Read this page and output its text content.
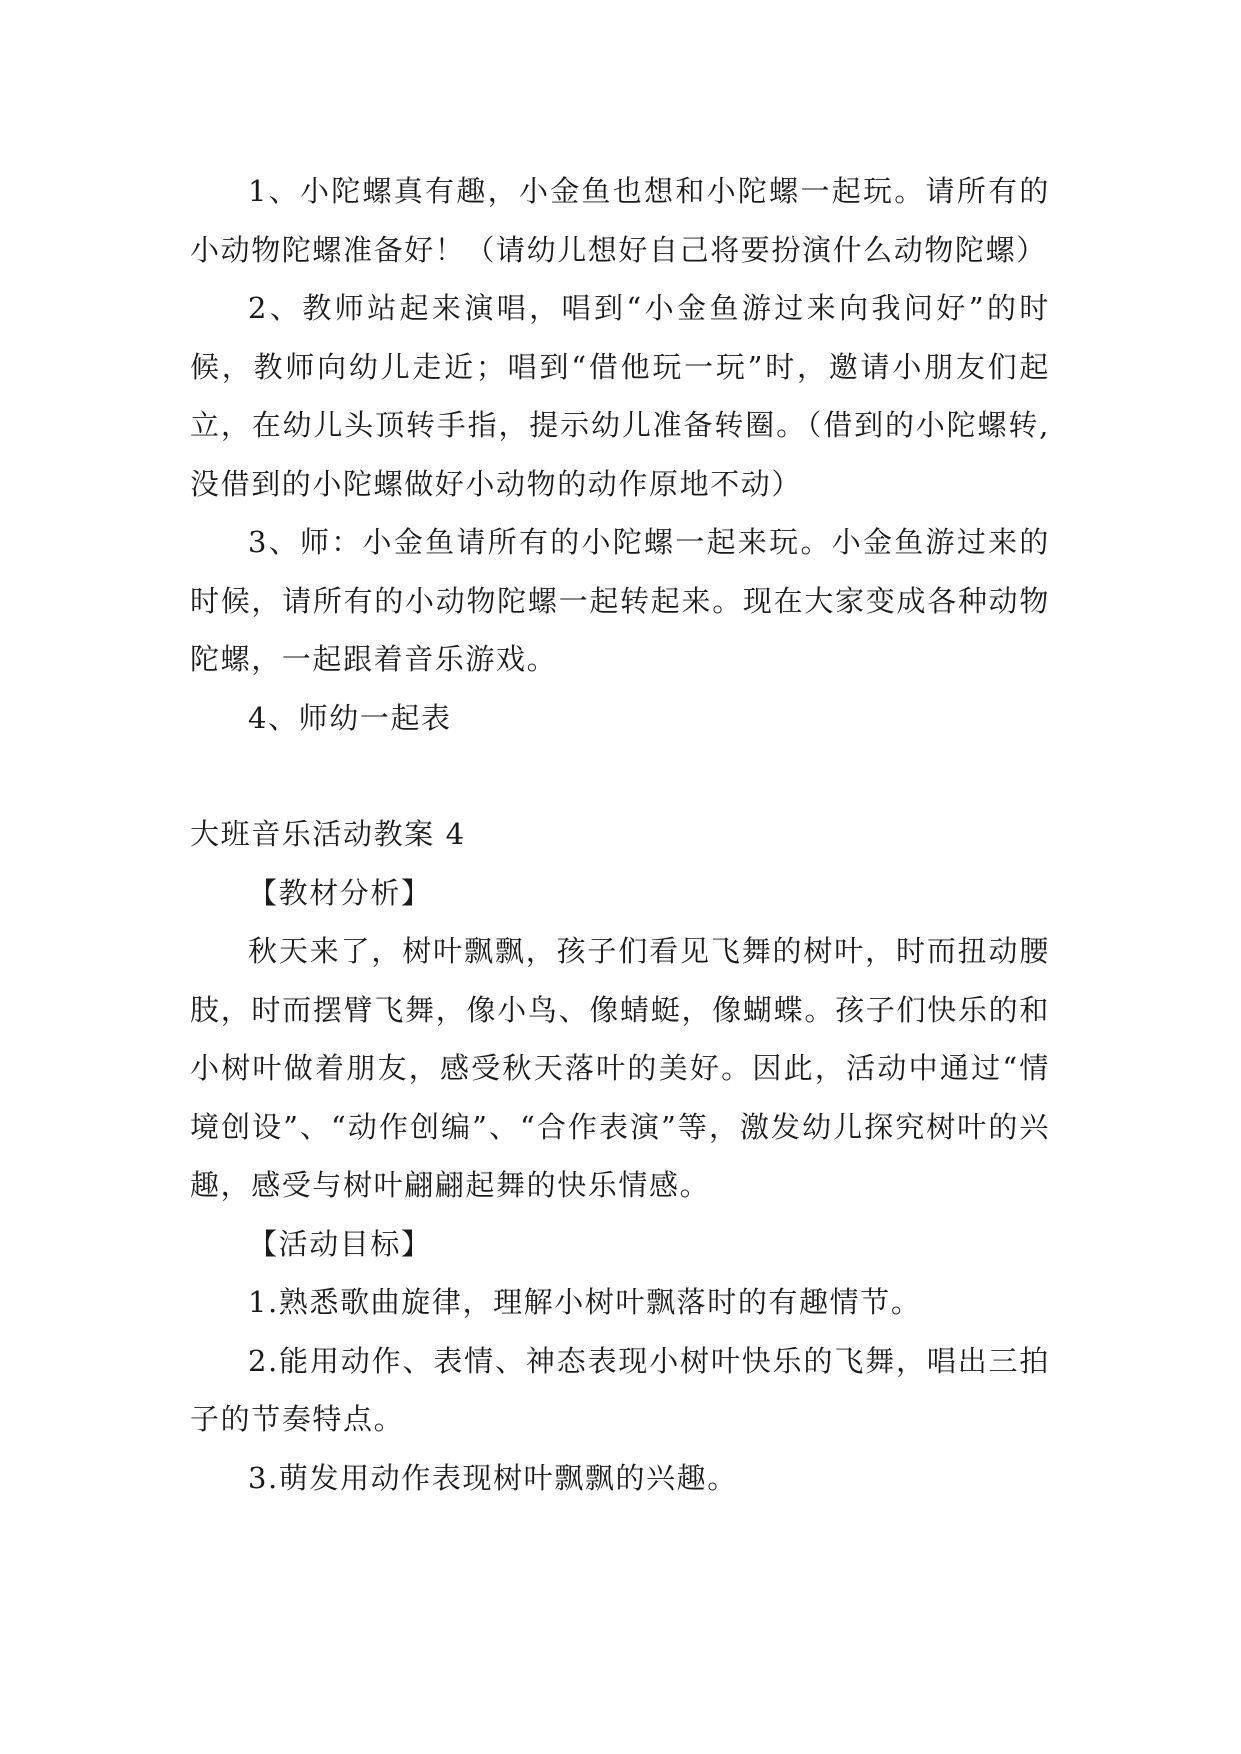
1、小陀螺真有趣，小金鱼也想和小陀螺一起玩。请所有的小动物陀螺准备好！（请幼儿想好自己将要扮演什么动物陀螺）

2、教师站起来演唱，唱到“小金鱼游过来向我问好”的时候，教师向幼儿走近；唱到“借他玩一玩”时，邀请小朋友们起立，在幼儿头顶转手指，提示幼儿准备转圈。（借到的小陀螺转,没借到的小陀螺做好小动物的动作原地不动）

3、师：小金鱼请所有的小陀螺一起来玩。小金鱼游过来的时候，请所有的小动物陀螺一起转起来。现在大家变成各种动物陀螺，一起跟着音乐游戏。

4、师幼一起表

大班音乐活动教案 4

【教材分析】

秋天来了，树叶飘飘，孩子们看见飞舞的树叶，时而扭动腰肢，时而摆臂飞舞，像小鸟、像蜻蜓，像蝴蝶。孩子们快乐的和小树叶做着朋友，感受秋天落叶的美好。因此，活动中通过“情境创设”、“动作创编”、“合作表演”等，激发幼儿探究树叶的兴趣，感受与树叶翩翩起舞的快乐情感。

【活动目标】

1.熟悉歌曲旋律，理解小树叶飘落时的有趣情节。

2.能用动作、表情、神态表现小树叶快乐的飞舞，唱出三拍子的节奏特点。

3.萌发用动作表现树叶飘飘的兴趣。
